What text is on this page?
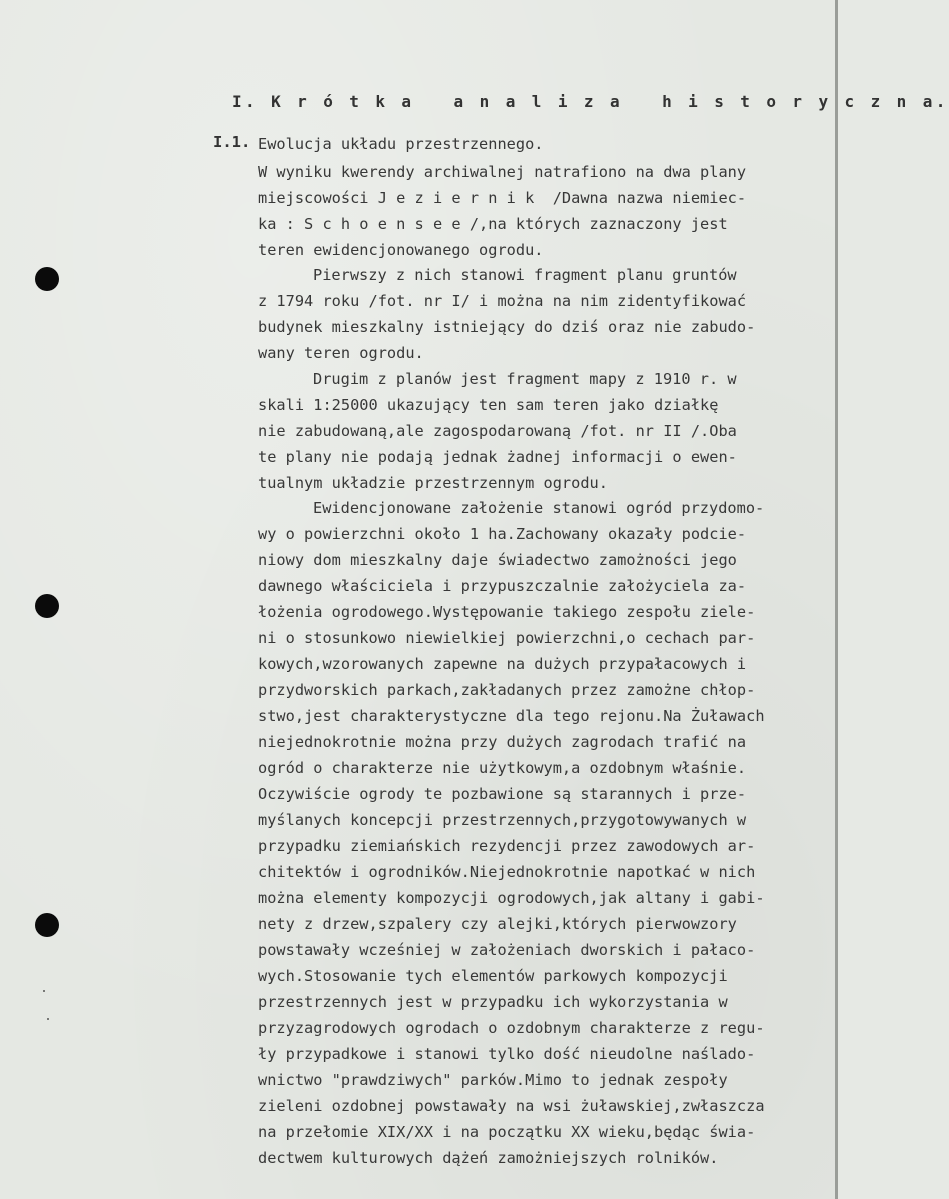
I. K r ó t k a   a n a l i z a   h i s t o r y c z n a.
I.1. Ewolucja układu przestrzennego.
W wyniku kwerendy archiwalnej natrafiono na dwa plany
miejscowości J e z i e r n i k  /Dawna nazwa niemiec-
ka : S c h o e n s e e /,na których zaznaczony jest
teren ewidencjonowanego ogrodu.
Pierwszy z nich stanowi fragment planu gruntów
z 1794 roku /fot. nr I/ i można na nim zidentyfikować
budynek mieszkalny istniejący do dziś oraz nie zabudo-
wany teren ogrodu.
Drugim z planów jest fragment mapy z 1910 r. w
skali 1:25000 ukazujący ten sam teren jako działkę
nie zabudowaną,ale zagospodarowaną /fot. nr II /.Oba
te plany nie podają jednak żadnej informacji o ewen-
tualnym układzie przestrzennym ogrodu.
Ewidencjonowane założenie stanowi ogród przydomo-
wy o powierzchni około 1 ha.Zachowany okazały podcie-
niowy dom mieszkalny daje świadectwo zamożności jego
dawnego właściciela i przypuszczalnie założyciela za-
łożenia ogrodowego.Występowanie takiego zespołu ziele-
ni o stosunkowo niewielkiej powierzchni,o cechach par-
kowych,wzorowanych zapewne na dużych przypałacowych i
przydworskich parkach,zakładanych przez zamożne chłop-
stwo,jest charakterystyczne dla tego rejonu.Na Żuławach
niejednokrotnie można przy dużych zagrodach trafić na
ogród o charakterze nie użytkowym,a ozdobnym właśnie.
Oczywiście ogrody te pozbawione są starannych i prze-
myślanych koncepcji przestrzennych,przygotowywanych w
przypadku ziemiańskich rezydencji przez zawodowych ar-
chitektów i ogrodników.Niejednokrotnie napotkać w nich
można elementy kompozycji ogrodowych,jak altany i gabi-
nety z drzew,szpalery czy alejki,których pierwowzory
powstawały wcześniej w założeniach dworskich i pałaco-
wych.Stosowanie tych elementów parkowych kompozycji
przestrzennych jest w przypadku ich wykorzystania w
przyzagrodowych ogrodach o ozdobnym charakterze z regu-
ły przypadkowe i stanowi tylko dość nieudolne naślado-
wnictwo "prawdziwych" parków.Mimo to jednak zespoły
zieleni ozdobnej powstawały na wsi żuławskiej,zwłaszcza
na przełomie XIX/XX i na początku XX wieku,będąc świa-
dectwem kulturowych dążeń zamożniejszych rolników.
